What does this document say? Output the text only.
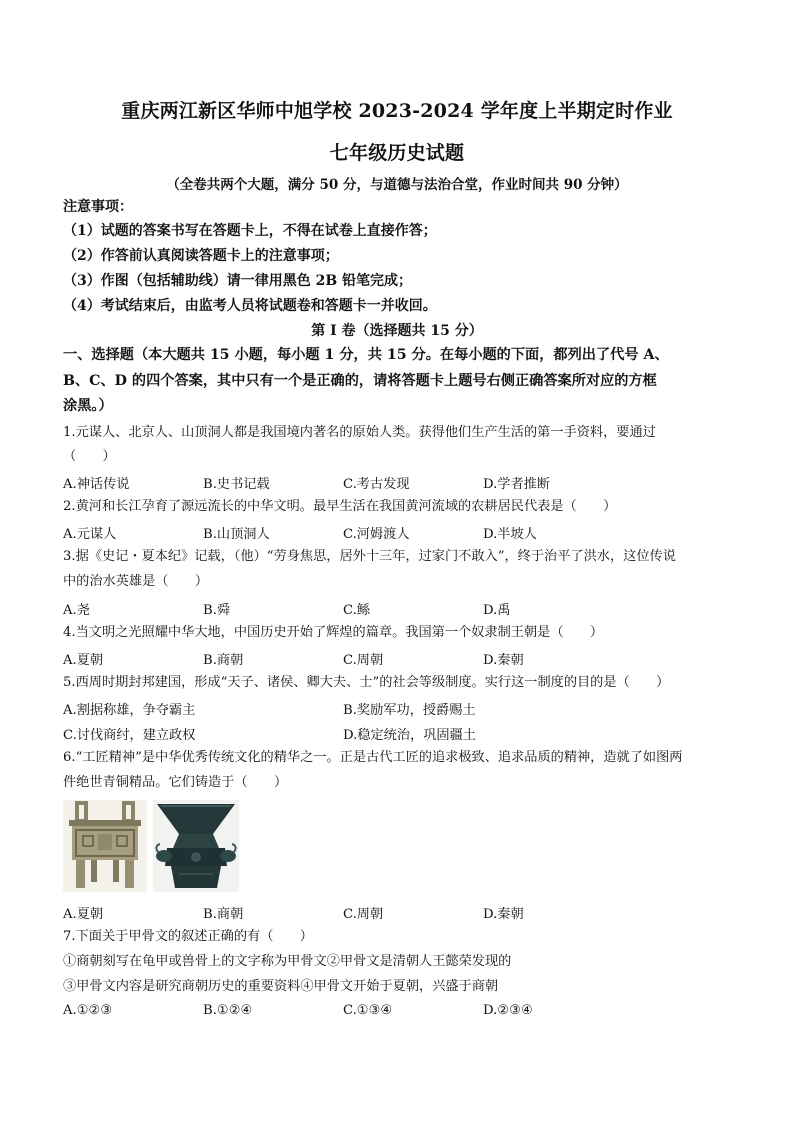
重庆两江新区华师中旭学校 2023-2024 学年度上半期定时作业
七年级历史试题
（全卷共两个大题，满分 50 分，与道德与法治合堂，作业时间共 90 分钟）
注意事项：
（1）试题的答案书写在答题卡上，不得在试卷上直接作答；
（2）作答前认真阅读答题卡上的注意事项；
（3）作图（包括辅助线）请一律用黑色 2B 铅笔完成；
（4）考试结束后，由监考人员将试题卷和答题卡一并收回。
第 I 卷（选择题共 15 分）
一、选择题（本大题共 15 小题，每小题 1 分，共 15 分。在每小题的下面，都列出了代号 A、
B、C、D 的四个答案，其中只有一个是正确的，请将答题卡上题号右侧正确答案所对应的方框
涂黑。）
1.元谋人、北京人、山顶洞人都是我国境内著名的原始人类。获得他们生产生活的第一手资料，要通过
（　　）
A.神话传说	B.史书记载	C.考古发现	D.学者推断
2.黄河和长江孕育了源远流长的中华文明。最早生活在我国黄河流域的农耕居民代表是（　　）
A.元谋人	B.山顶洞人	C.河姆渡人	D.半坡人
3.据《史记・夏本纪》记载，（他）“劳身焦思，居外十三年，过家门不敢入”，终于治平了洪水，这位传说
中的治水英雄是（　　）
A.尧	B.舜	C.鲧	D.禹
4.当文明之光照耀中华大地，中国历史开始了辉煌的篇章。我国第一个奴隶制王朝是（　　）
A.夏朝	B.商朝	C.周朝	D.秦朝
5.西周时期封邦建国，形成“天子、诸侯、卿大夫、士”的社会等级制度。实行这一制度的目的是（　　）
A.割据称雄，争夺霸主	B.奖励军功，授爵赐土
C.讨伐商纣，建立政权	D.稳定统治，巩固疆土
6.“工匠精神”是中华优秀传统文化的精华之一。正是古代工匠的追求极致、追求品质的精神，造就了如图两
件绝世青铜精品。它们铸造于（　　）
A.夏朝	B.商朝	C.周朝	D.秦朝
7.下面关于甲骨文的叙述正确的有（　　）
①商朝刻写在龟甲或兽骨上的文字称为甲骨文②甲骨文是清朝人王懿荣发现的
③甲骨文内容是研究商朝历史的重要资料④甲骨文开始于夏朝，兴盛于商朝
A.①②③	B.①②④	C.①③④	D.②③④
